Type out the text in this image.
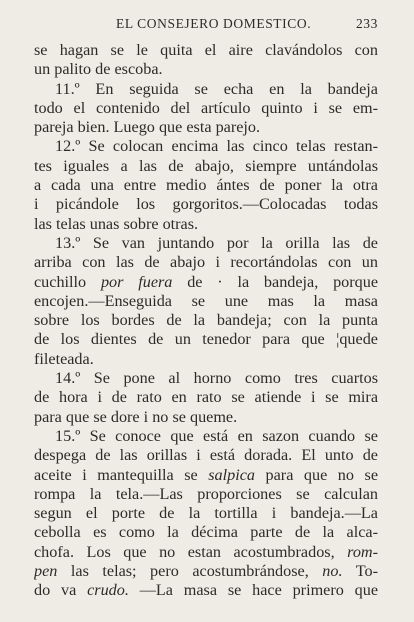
EL CONSEJERO DOMESTICO.	233
se hagan se le quita el aire clavándolos con
un palito de escoba.
11.º En seguida se echa en la bandeja
todo el contenido del artículo quinto i se em-
pareja bien. Luego que esta parejo.
12.º Se colocan encima las cinco telas restan-
tes iguales a las de abajo, siempre untándolas
a cada una entre medio ántes de poner la otra
i picándole los gorgoritos.—Colocadas todas
las telas unas sobre otras.
13.º Se van juntando por la orilla las de
arriba con las de abajo i recortándolas con un
cuchillo por fuera de · la bandeja, porque
encojen.—Enseguida se une mas la masa
sobre los bordes de la bandeja; con la punta
de los dientes de un tenedor para que ¦quede
fileteada.
14.º Se pone al horno como tres cuartos
de hora i de rato en rato se atiende i se mira
para que se dore i no se queme.
15.º Se conoce que está en sazon cuando se
despega de las orillas i está dorada. El unto de
aceite i mantequilla se salpica para que no se
rompa la tela.—Las proporciones se calculan
segun el porte de la tortilla i bandeja.—La
cebolla es como la décima parte de la alca-
chofa. Los que no estan acostumbrados, rom-
pen las telas; pero acostumbrándose, no. To-
do va crudo. —La masa se hace primero que
